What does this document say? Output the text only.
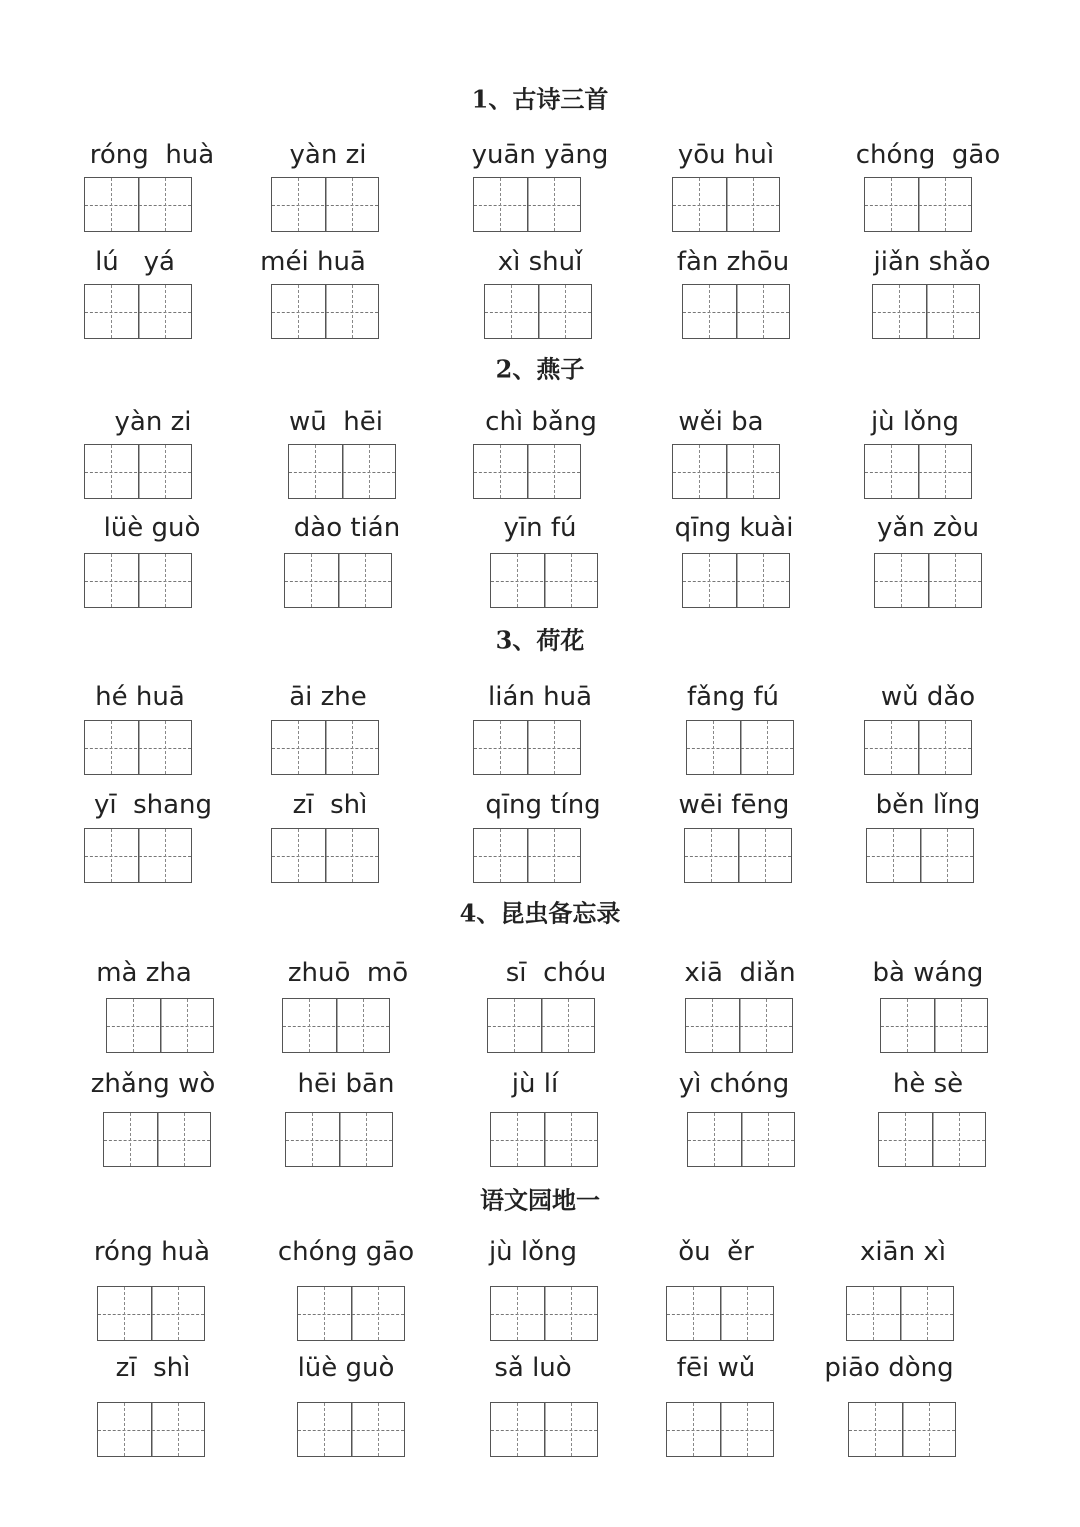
1、古诗三首
róng  huà	yàn zi	yuān yāng	yōu huì	chóng  gāo
lú   yá	méi huā	xì shuǐ	fàn zhōu	jiǎn shǎo
2、燕子
yàn zi	wū  hēi	chì bǎng	wěi ba	jù lǒng
lüè guò	dào tián	yīn fú	qīng kuài	yǎn zòu
3、荷花
hé huā	āi zhe	lián huā	fǎng fú	wǔ dǎo
yī  shang	zī  shì	qīng tíng	wēi fēng	běn lǐng
4、昆虫备忘录
mà zha	zhuō  mō	sī  chóu	xiā  diǎn	bà wáng
zhǎng wò	hēi bān	jù lí	yì chóng	hè sè
语文园地一
róng huà	chóng gāo	jù lǒng	ǒu  ěr	xiān xì
zī  shì	lüè guò	sǎ luò	fēi wǔ	piāo dòng
